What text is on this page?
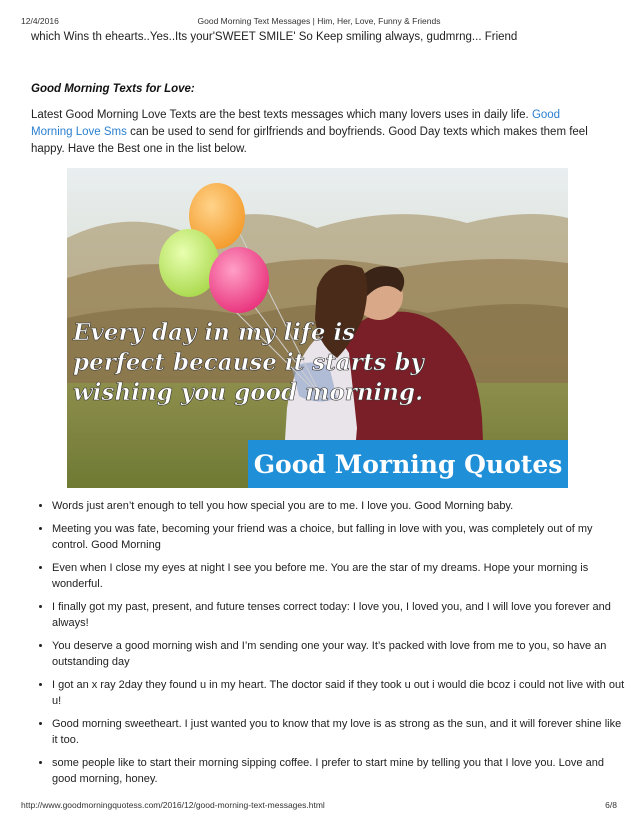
12/4/2016	Good Morning Text Messages | Him, Her, Love, Funny & Friends
which Wins th ehearts..Yes..Its your'SWEET SMILE' So Keep smiling always, gudmrng... Friend
Good Morning Texts for Love:
Latest Good Morning Love Texts are the best texts messages which many lovers uses in daily life. Good Morning Love Sms can be used to send for girlfriends and boyfriends. Good Day texts which makes them feel happy. Have the Best one in the list below.
Every day in my life is
perfect because it starts by
wishing you good morning.
Good Morning Quotes
• Words just aren’t enough to tell you how special you are to me. I love you. Good Morning baby.
• Meeting you was fate, becoming your friend was a choice, but falling in love with you, was completely out of my control. Good Morning
• Even when I close my eyes at night I see you before me. You are the star of my dreams. Hope your morning is wonderful.
• I finally got my past, present, and future tenses correct today: I love you, I loved you, and I will love you forever and always!
• You deserve a good morning wish and I’m sending one your way. It’s packed with love from me to you, so have an outstanding day
• I got an x ray 2day they found u in my heart. The doctor said if they took u out i would die bcoz i could not live with out u!
• Good morning sweetheart. I just wanted you to know that my love is as strong as the sun, and it will forever shine like it too.
• some people like to start their morning sipping coffee. I prefer to start mine by telling you that I love you. Love and good morning, honey.
http://www.goodmorningquotess.com/2016/12/good-morning-text-messages.html	6/8
